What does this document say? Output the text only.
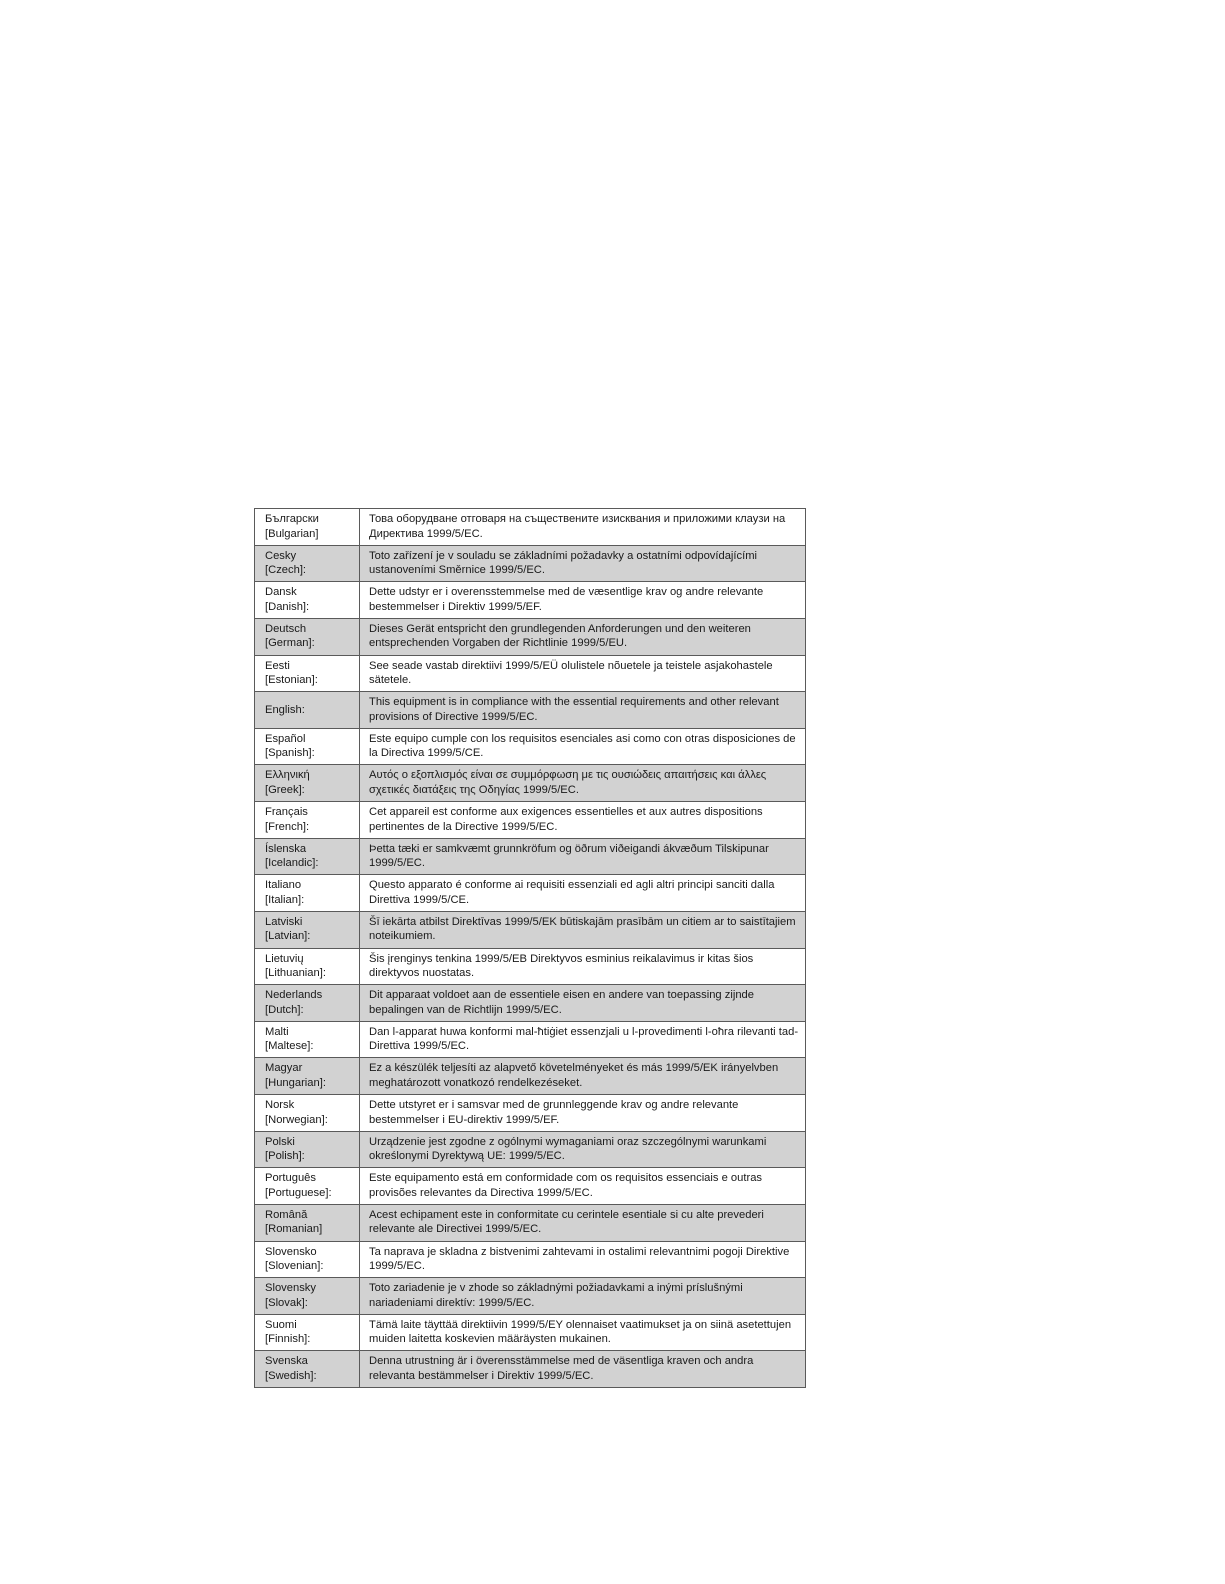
Български
[Bulgarian]
Това оборудване отговаря на съществените изисквания и приложими клаузи на Директива 1999/5/EC.
Cesky
[Czech]:
Toto zařízení je v souladu se základními požadavky a ostatními odpovídajícími ustanoveními Směrnice 1999/5/EC.
Dansk
[Danish]:
Dette udstyr er i overensstemmelse med de væsentlige krav og andre relevante bestemmelser i Direktiv 1999/5/EF.
Deutsch
[German]:
Dieses Gerät entspricht den grundlegenden Anforderungen und den weiteren entsprechenden Vorgaben der Richtlinie 1999/5/EU.
Eesti
[Estonian]:
See seade vastab direktiivi 1999/5/EÜ olulistele nõuetele ja teistele asjakohastele sätetele.
English:
This equipment is in compliance with the essential requirements and other relevant provisions of Directive 1999/5/EC.
Español
[Spanish]:
Este equipo cumple con los requisitos esenciales asi como con otras disposiciones de la Directiva 1999/5/CE.
Ελληνική
[Greek]:
Αυτός ο εξοπλισμός είναι σε συμμόρφωση με τις ουσιώδεις απαιτήσεις και άλλες σχετικές διατάξεις της Οδηγίας 1999/5/EC.
Français
[French]:
Cet appareil est conforme aux exigences essentielles et aux autres dispositions pertinentes de la Directive 1999/5/EC.
Íslenska
[Icelandic]:
Þetta tæki er samkvæmt grunnkröfum og öðrum viðeigandi ákvæðum Tilskipunar 1999/5/EC.
Italiano
[Italian]:
Questo apparato é conforme ai requisiti essenziali ed agli altri principi sanciti dalla Direttiva 1999/5/CE.
Latviski
[Latvian]:
Šī iekārta atbilst Direktīvas 1999/5/EK būtiskajām prasībām un citiem ar to saistītajiem noteikumiem.
Lietuvių
[Lithuanian]:
Šis įrenginys tenkina 1999/5/EB Direktyvos esminius reikalavimus ir kitas šios direktyvos nuostatas.
Nederlands
[Dutch]:
Dit apparaat voldoet aan de essentiele eisen en andere van toepassing zijnde bepalingen van de Richtlijn 1999/5/EC.
Malti
[Maltese]:
Dan l-apparat huwa konformi mal-ħtiġiet essenzjali u l-provedimenti l-oħra rilevanti tad-Direttiva 1999/5/EC.
Magyar
[Hungarian]:
Ez a készülék teljesíti az alapvető követelményeket és más 1999/5/EK irányelvben meghatározott vonatkozó rendelkezéseket.
Norsk
[Norwegian]:
Dette utstyret er i samsvar med de grunnleggende krav og andre relevante bestemmelser i EU-direktiv 1999/5/EF.
Polski
[Polish]:
Urządzenie jest zgodne z ogólnymi wymaganiami oraz szczególnymi warunkami określonymi Dyrektywą UE: 1999/5/EC.
Português
[Portuguese]:
Este equipamento está em conformidade com os requisitos essenciais e outras provisões relevantes da Directiva 1999/5/EC.
Română
[Romanian]
Acest echipament este in conformitate cu cerintele esentiale si cu alte prevederi relevante ale Directivei 1999/5/EC.
Slovensko
[Slovenian]:
Ta naprava je skladna z bistvenimi zahtevami in ostalimi relevantnimi pogoji Direktive 1999/5/EC.
Slovensky
[Slovak]:
Toto zariadenie je v zhode so základnými požiadavkami a inými príslušnými nariadeniami direktív: 1999/5/EC.
Suomi
[Finnish]:
Tämä laite täyttää direktiivin 1999/5/EY olennaiset vaatimukset ja on siinä asetettujen muiden laitetta koskevien määräysten mukainen.
Svenska
[Swedish]:
Denna utrustning är i överensstämmelse med de väsentliga kraven och andra relevanta bestämmelser i Direktiv 1999/5/EC.
